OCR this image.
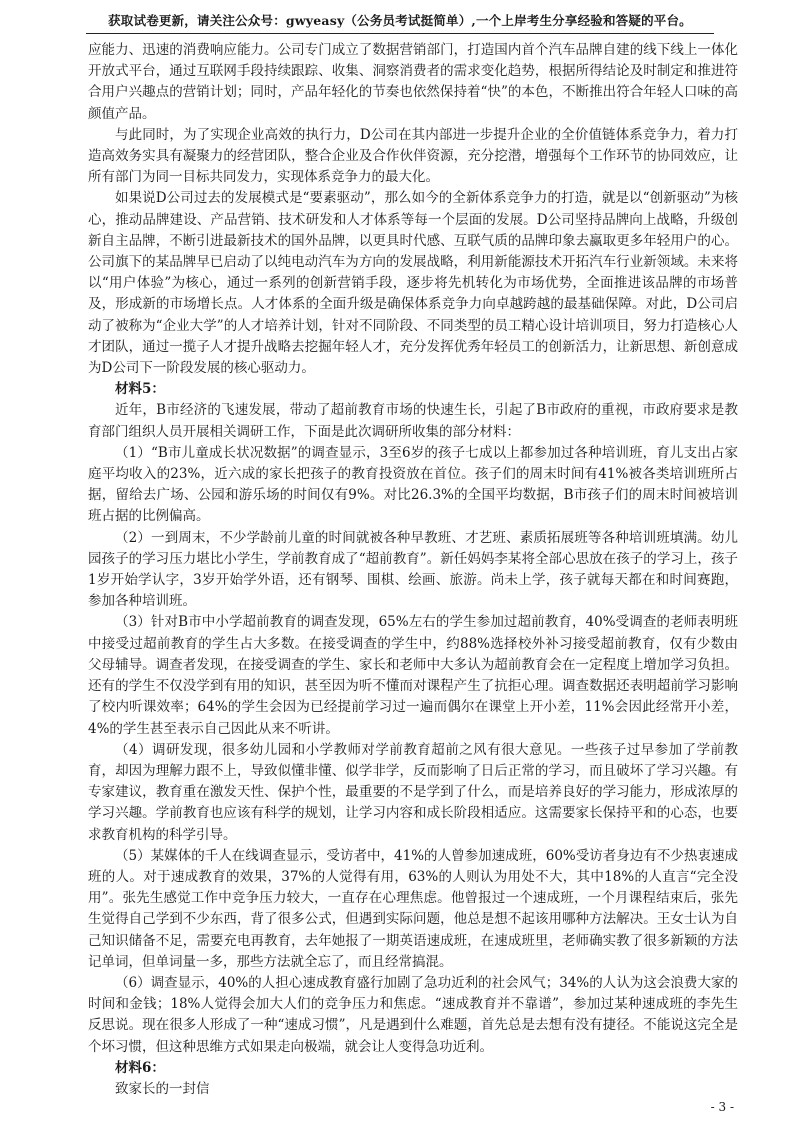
获取试卷更新，请关注公众号：gwyeasy（公务员考试挺简单）,一个上岸考生分享经验和答疑的平台。

应能力、迅速的消费响应能力。公司专门成立了数据营销部门，打造国内首个汽车品牌自建的线下线上一体化开放式平台，通过互联网手段持续跟踪、收集、洞察消费者的需求变化趋势，根据所得结论及时制定和推进符合用户兴趣点的营销计划；同时，产品年轻化的节奏也依然保持着“快”的本色，不断推出符合年轻人口味的高颜值产品。

与此同时，为了实现企业高效的执行力，D公司在其内部进一步提升企业的全价值链体系竞争力，着力打造高效务实具有凝聚力的经营团队，整合企业及合作伙伴资源，充分挖潜，增强每个工作环节的协同效应，让所有部门为同一目标共同发力，实现体系竞争力的最大化。

如果说D公司过去的发展模式是“要素驱动”，那么如今的全新体系竞争力的打造，就是以“创新驱动”为核心，推动品牌建设、产品营销、技术研发和人才体系等每一个层面的发展。D公司坚持品牌向上战略，升级创新自主品牌，不断引进最新技术的国外品牌，以更具时代感、互联气质的品牌印象去赢取更多年轻用户的心。公司旗下的某品牌早已启动了以纯电动汽车为方向的发展战略，利用新能源技术开拓汽车行业新领域。未来将以“用户体验”为核心，通过一系列的创新营销手段，逐步将先机转化为市场优势，全面推进该品牌的市场普及，形成新的市场增长点。人才体系的全面升级是确保体系竞争力向卓越跨越的最基础保障。对此，D公司启动了被称为“企业大学”的人才培养计划，针对不同阶段、不同类型的员工精心设计培训项目，努力打造核心人才团队，通过一揽子人才提升战略去挖掘年轻人才，充分发挥优秀年轻员工的创新活力，让新思想、新创意成为D公司下一阶段发展的核心驱动力。

材料5：

近年，B市经济的飞速发展，带动了超前教育市场的快速生长，引起了B市政府的重视，市政府要求是教育部门组织人员开展相关调研工作，下面是此次调研所收集的部分材料：

（1）“B市儿童成长状况数据”的调查显示，3至6岁的孩子七成以上都参加过各种培训班，育儿支出占家庭平均收入的23%，近六成的家长把孩子的教育投资放在首位。孩子们的周末时间有41%被各类培训班所占据，留给去广场、公园和游乐场的时间仅有9%。对比26.3%的全国平均数据，B市孩子们的周末时间被培训班占据的比例偏高。

（2）一到周末，不少学龄前儿童的时间就被各种早教班、才艺班、素质拓展班等各种培训班填满。幼儿园孩子的学习压力堪比小学生，学前教育成了“超前教育”。新任妈妈李某将全部心思放在孩子的学习上，孩子1岁开始学认字，3岁开始学外语，还有钢琴、围棋、绘画、旅游。尚未上学，孩子就每天都在和时间赛跑，参加各种培训班。

（3）针对B市中小学超前教育的调查发现，65%左右的学生参加过超前教育，40%受调查的老师表明班中接受过超前教育的学生占大多数。在接受调查的学生中，约88%选择校外补习接受超前教育，仅有少数由父母辅导。调查者发现，在接受调查的学生、家长和老师中大多认为超前教育会在一定程度上增加学习负担。还有的学生不仅没学到有用的知识，甚至因为听不懂而对课程产生了抗拒心理。调查数据还表明超前学习影响了校内听课效率；64%的学生会因为已经提前学习过一遍而偶尔在课堂上开小差，11%会因此经常开小差，4%的学生甚至表示自己因此从来不听讲。

（4）调研发现，很多幼儿园和小学教师对学前教育超前之风有很大意见。一些孩子过早参加了学前教育，却因为理解力跟不上，导致似懂非懂、似学非学，反而影响了日后正常的学习，而且破坏了学习兴趣。有专家建议，教育重在激发天性、保护个性，最重要的不是学到了什么，而是培养良好的学习能力，形成浓厚的学习兴趣。学前教育也应该有科学的规划，让学习内容和成长阶段相适应。这需要家长保持平和的心态，也要求教育机构的科学引导。

（5）某媒体的千人在线调查显示，受访者中，41%的人曾参加速成班，60%受访者身边有不少热衷速成班的人。对于速成教育的效果，37%的人觉得有用，63%的人则认为用处不大，其中18%的人直言“完全没用”。张先生感觉工作中竞争压力较大，一直存在心理焦虑。他曾报过一个速成班，一个月课程结束后，张先生觉得自己学到不少东西，背了很多公式，但遇到实际问题，他总是想不起该用哪种方法解决。王女士认为自己知识储备不足，需要充电再教育，去年她报了一期英语速成班，在速成班里，老师确实教了很多新颖的方法记单词，但单词量一多，那些方法就全忘了，而且经常搞混。

（6）调查显示，40%的人担心速成教育盛行加剧了急功近利的社会风气；34%的人认为这会浪费大家的时间和金钱；18%人觉得会加大人们的竞争压力和焦虑。“速成教育并不靠谱”，参加过某种速成班的李先生反思说。现在很多人形成了一种“速成习惯”，凡是遇到什么难题，首先总是去想有没有捷径。不能说这完全是个坏习惯，但这种思维方式如果走向极端，就会让人变得急功近利。

材料6：

致家长的一封信

- 3 -
